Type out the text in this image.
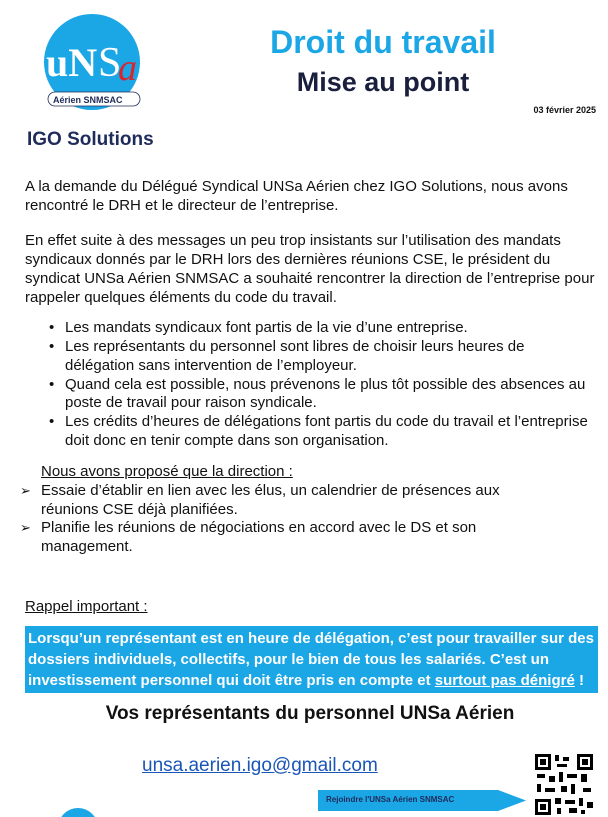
uN S
a
Aérien SNMSAC
Droit du travail
Mise au point
03 février 2025
IGO Solutions
A la demande du Délégué Syndical UNSa Aérien chez IGO Solutions, nous avons rencontré le DRH et le directeur de l’entreprise.
En effet suite à des messages un peu trop insistants sur l’utilisation des mandats syndicaux donnés par le DRH lors des dernières réunions CSE, le président du syndicat UNSa Aérien SNMSAC a souhaité rencontrer la direction de l’entreprise pour rappeler quelques éléments du code du travail.
• Les mandats syndicaux font partis de la vie d’une entreprise.
• Les représentants du personnel sont libres de choisir leurs heures de délégation sans intervention de l’employeur.
• Quand cela est possible, nous prévenons le plus tôt possible des absences au poste de travail pour raison syndicale.
• Les crédits d’heures de délégations font partis du code du travail et l’entreprise doit donc en tenir compte dans son organisation.
Nous avons proposé que la direction :
➢ Essaie d’établir en lien avec les élus, un calendrier de présences aux réunions CSE déjà planifiées.
➢ Planifie les réunions de négociations en accord avec le DS et son management.
Rappel important :
Lorsqu’un représentant est en heure de délégation, c’est pour travailler sur des dossiers individuels, collectifs, pour le bien de tous les salariés. C’est un investissement personnel qui doit être pris en compte et surtout pas dénigré !
Vos représentants du personnel UNSa Aérien
unsa.aerien.igo@gmail.com
Rejoindre l'UNSa Aérien SNMSAC
